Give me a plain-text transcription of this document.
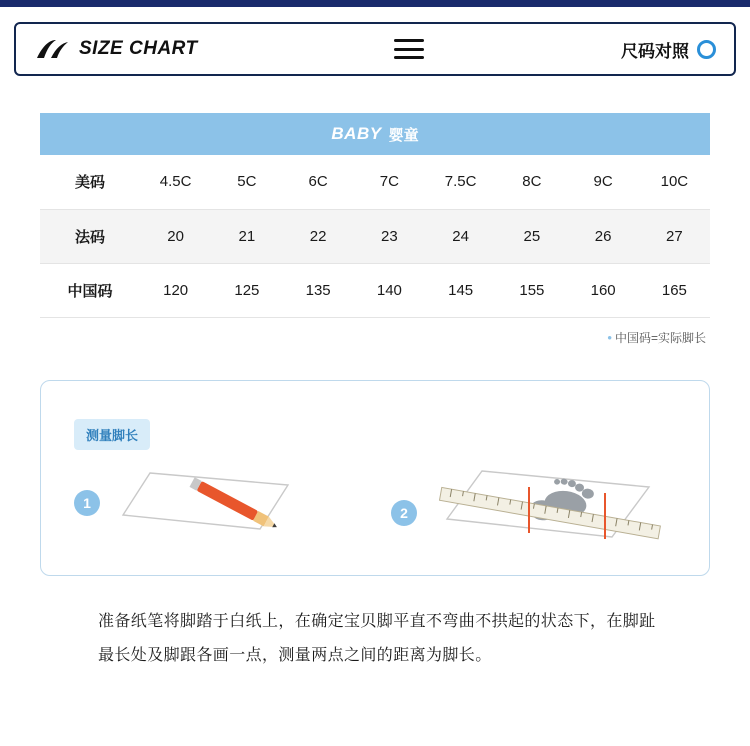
SIZE CHART	尺码对照
BABY 婴童
美码	4.5C	5C	6C	7C	7.5C	8C	9C	10C
法码	20	21	22	23	24	25	26	27
中国码	120	125	135	140	145	155	160	165
• 中国码=实际脚长
测量脚长
1
2
准备纸笔将脚踏于白纸上，在确定宝贝脚平直不弯曲不拱起的状态下，在脚趾
最长处及脚跟各画一点，测量两点之间的距离为脚长。
